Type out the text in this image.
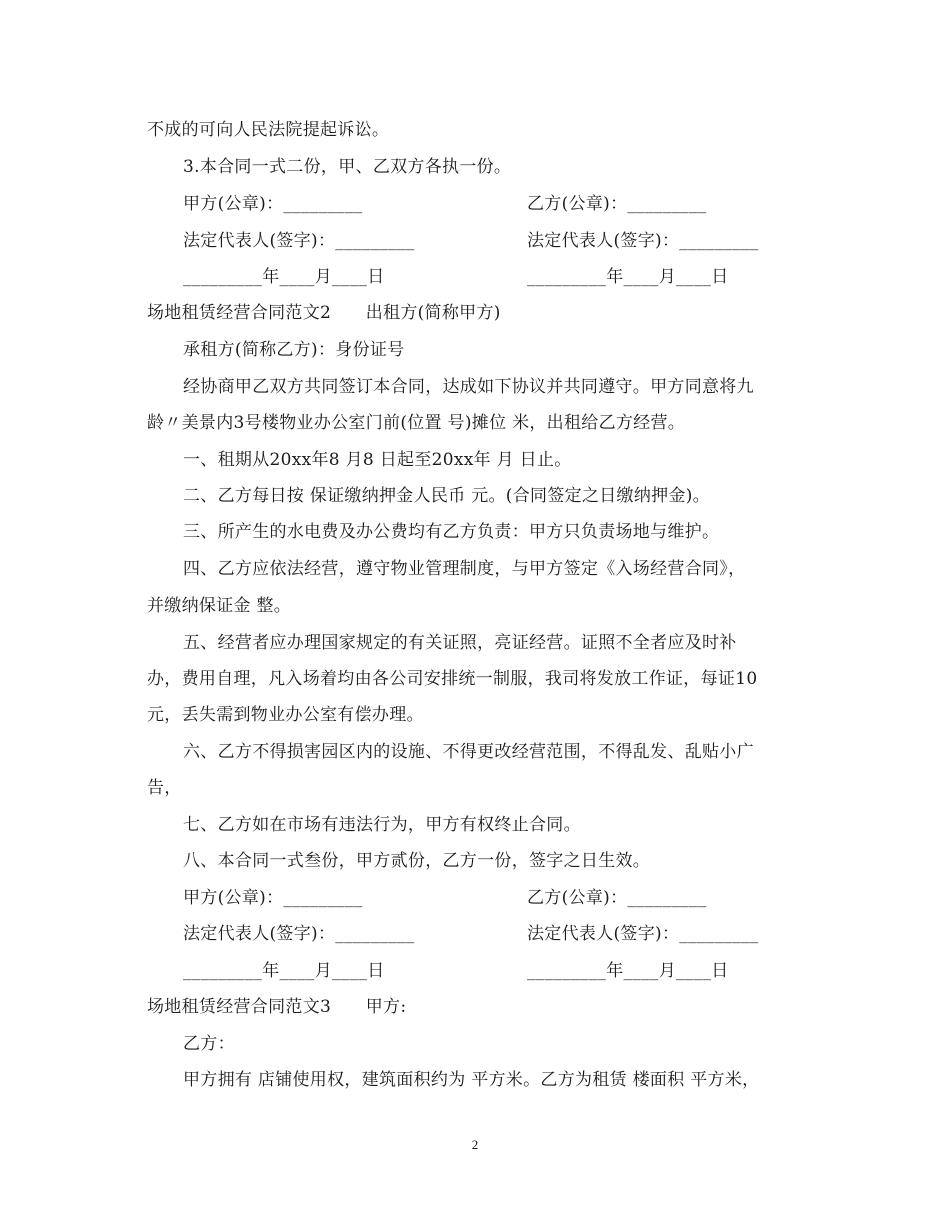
不成的可向人民法院提起诉讼。
3.本合同一式二份，甲、乙双方各执一份。
甲方(公章)：_________	乙方(公章)：_________
法定代表人(签字)：_________	法定代表人(签字)：_________
_________年____月____日	_________年____月____日
场地租赁经营合同范文2　　出租方(简称甲方)
承租方(简称乙方)：身份证号
经协商甲乙双方共同签订本合同，达成如下协议并共同遵守。甲方同意将九
龄〃美景内3号楼物业办公室门前(位置 号)摊位 米，出租给乙方经营。
一、租期从20xx年8 月8 日起至20xx年 月 日止。
二、乙方每日按 保证缴纳押金人民币 元。(合同签定之日缴纳押金)。
三、所产生的水电费及办公费均有乙方负责：甲方只负责场地与维护。
四、乙方应依法经营，遵守物业管理制度，与甲方签定《入场经营合同》，
并缴纳保证金 整。
五、经营者应办理国家规定的有关证照，亮证经营。证照不全者应及时补
办，费用自理，凡入场着均由各公司安排统一制服，我司将发放工作证，每证10
元，丢失需到物业办公室有偿办理。
六、乙方不得损害园区内的设施、不得更改经营范围，不得乱发、乱贴小广
告，
七、乙方如在市场有违法行为，甲方有权终止合同。
八、本合同一式叁份，甲方贰份，乙方一份，签字之日生效。
甲方(公章)：_________	乙方(公章)：_________
法定代表人(签字)：_________	法定代表人(签字)：_________
_________年____月____日	_________年____月____日
场地租赁经营合同范文3　　甲方:
乙方：
甲方拥有 店铺使用权，建筑面积约为 平方米。乙方为租赁 楼面积 平方米，
2
